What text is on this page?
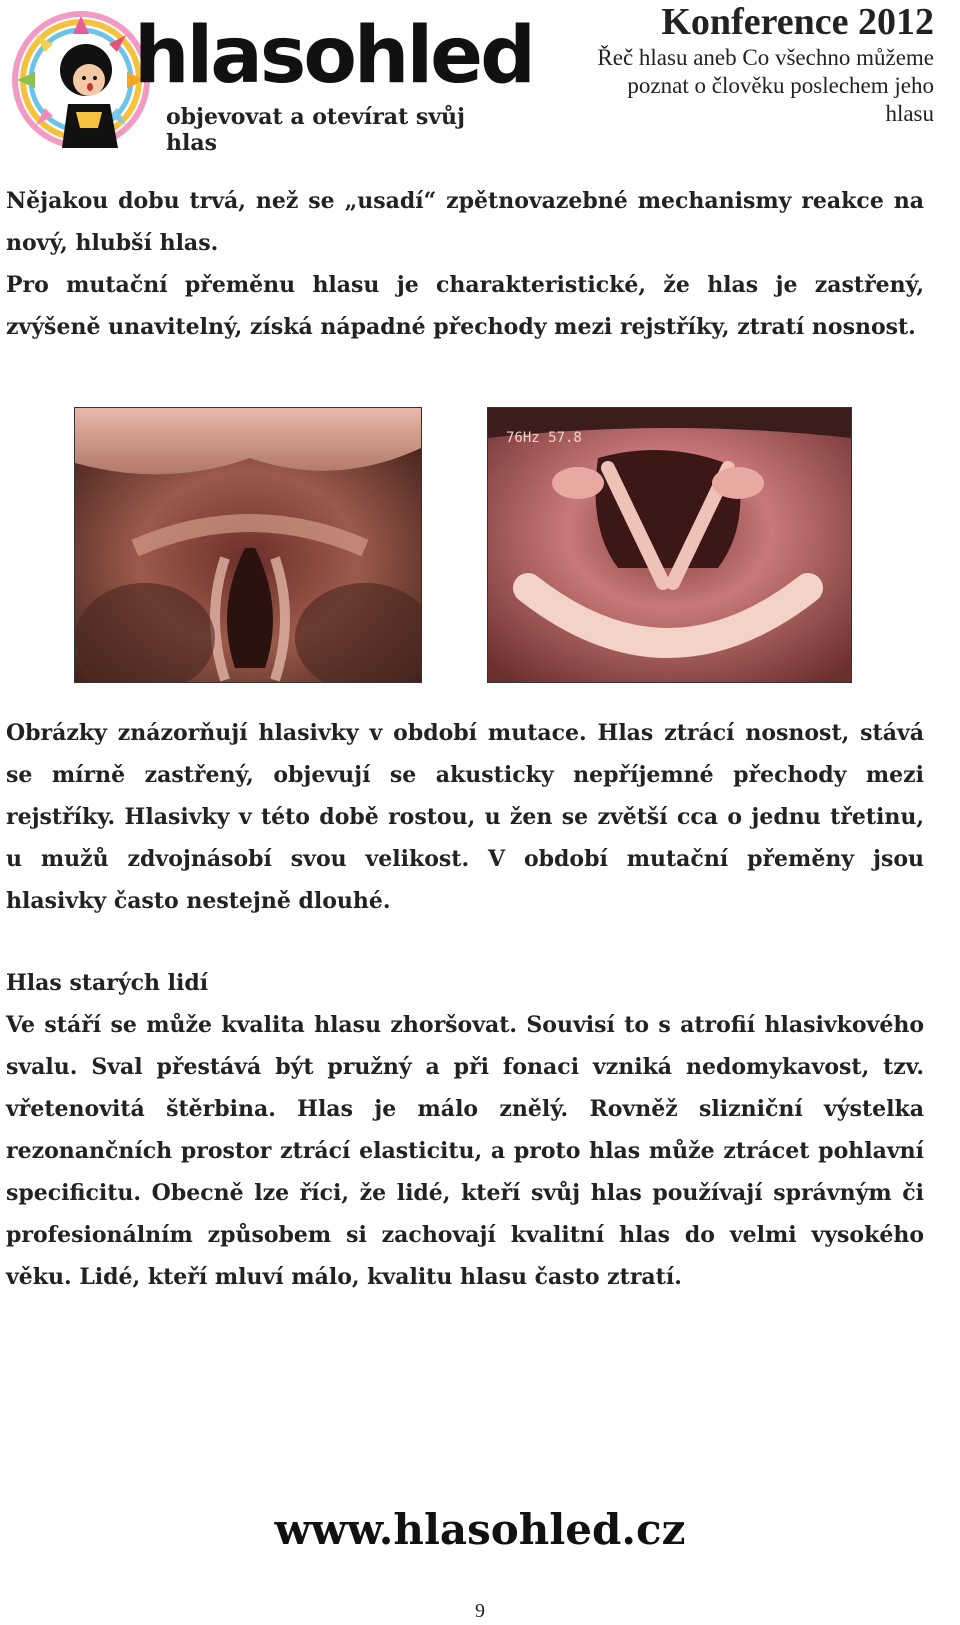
hlasohled
objevovat a otevírat svůj hlas
Konference 2012
Řeč hlasu aneb Co všechno můžeme
poznat o člověku poslechem jeho
hlasu

Nějakou dobu trvá, než se „usadí“ zpětnovazebné mechanismy reakce na nový, hlubší hlas.

Pro mutační přeměnu hlasu je charakteristické, že hlas je zastřený, zvýšeně unavitelný, získá nápadné přechody mezi rejstříky, ztratí nosnost.

76Hz 57.8

Obrázky znázorňují hlasivky v období mutace. Hlas ztrácí nosnost, stává se mírně zastřený, objevují se akusticky nepříjemné přechody mezi rejstříky. Hlasivky v této době rostou, u žen se zvětší cca o jednu třetinu, u mužů zdvojnásobí svou velikost. V období mutační přeměny jsou hlasivky často nestejně dlouhé.

Hlas starých lidí

Ve stáří se může kvalita hlasu zhoršovat. Souvisí to s atrofií hlasivkového svalu. Sval přestává být pružný a při fonaci vzniká nedomykavost, tzv. vřetenovitá štěrbina. Hlas je málo znělý. Rovněž slizniční výstelka rezonančních prostor ztrácí elasticitu, a proto hlas může ztrácet pohlavní specificitu. Obecně lze říci, že lidé, kteří svůj hlas používají správným či profesionálním způsobem si zachovají kvalitní hlas do velmi vysokého věku. Lidé, kteří mluví málo, kvalitu hlasu často ztratí.

www.hlasohled.cz
9
